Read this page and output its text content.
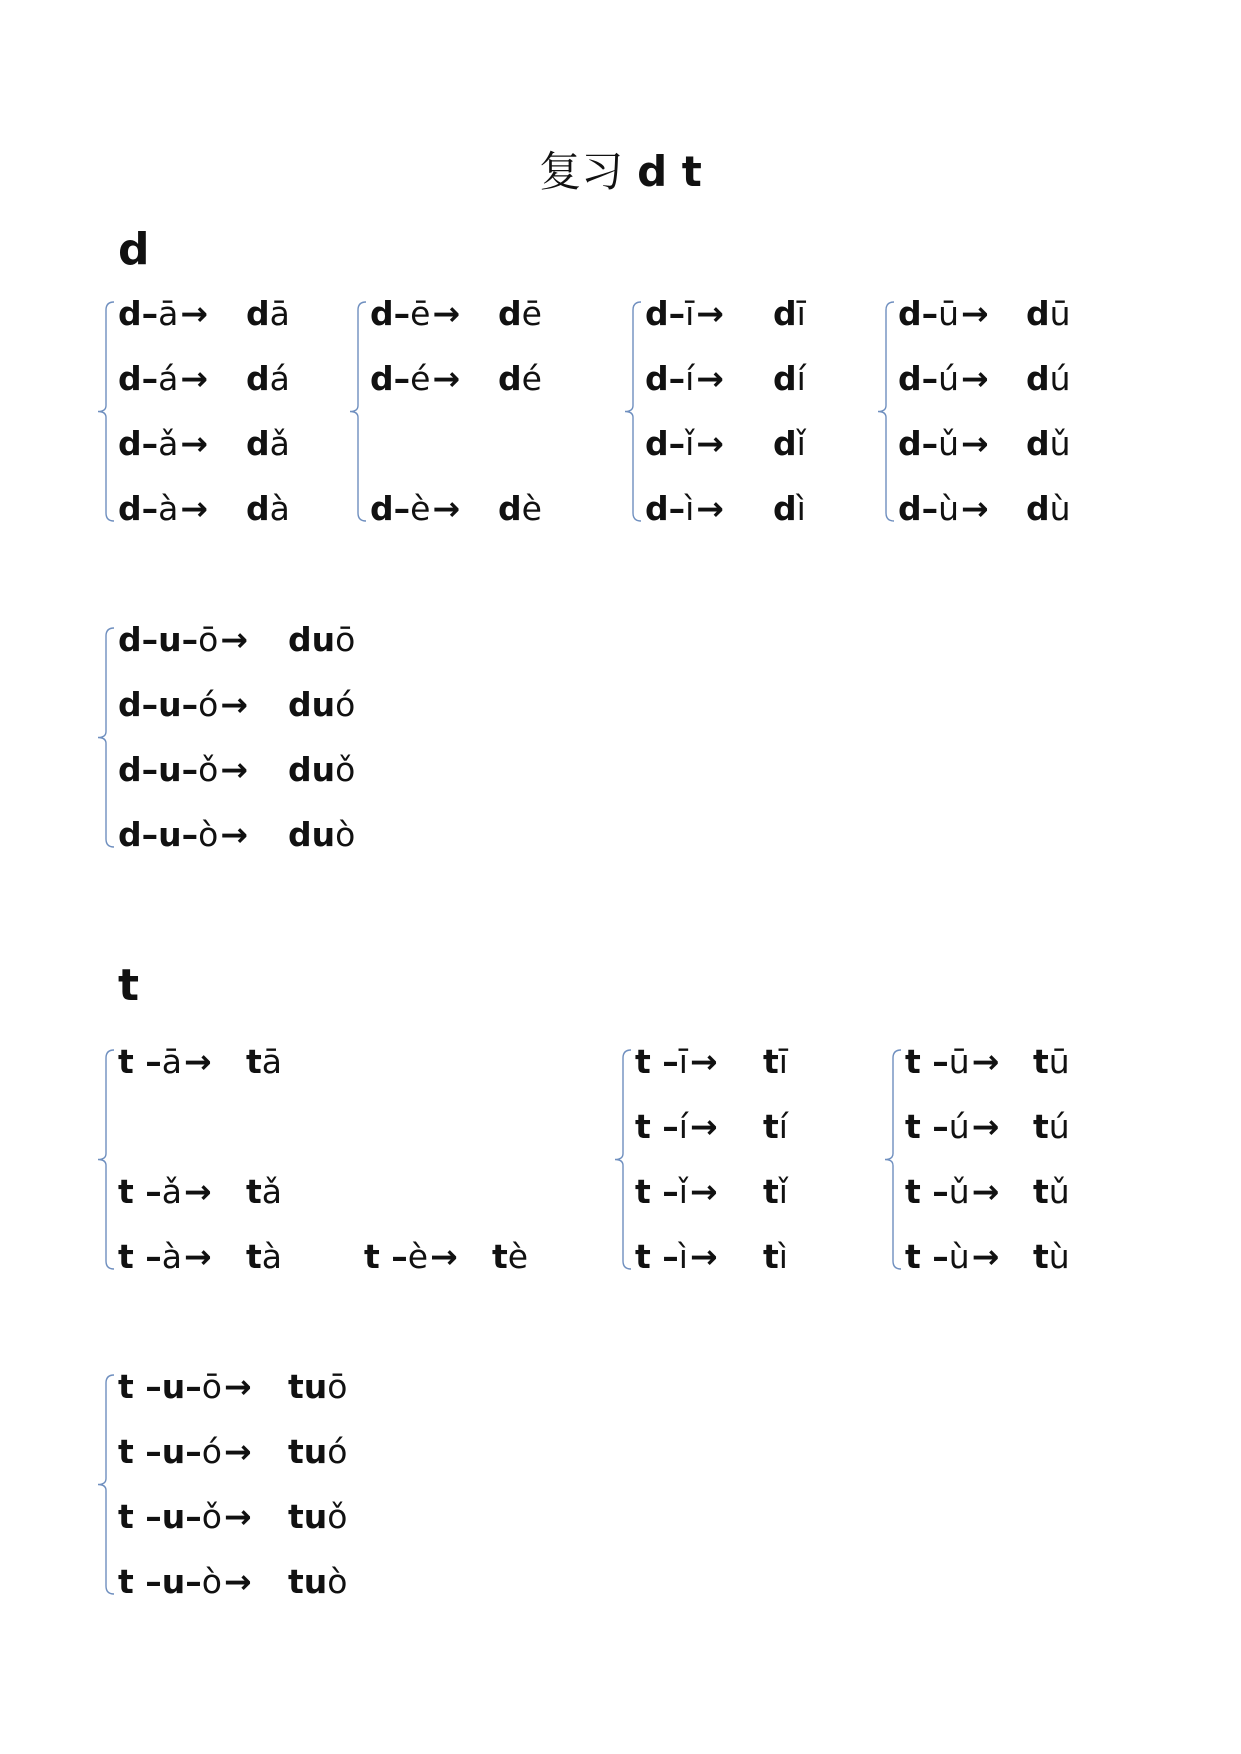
复习 d t
d
t
d–ā→ dā
d–á→ dá
d–ǎ→ dǎ
d–à→ dà
d–ē→ dē
d–é→ dé
d–è→ dè
d–ī→ dī
d–í→ dí
d–ǐ→ dǐ
d–ì→ dì
d–ū→ dū
d–ú→ dú
d–ǔ→ dǔ
d–ù→ dù
d–u–ō→ duō
d–u–ó→ duó
d–u–ǒ→ duǒ
d–u–ò→ duò
t –ā→ tā
t –ǎ→ tǎ
t –à→ tà t –è→ tè
t –ī→ tī
t –í→ tí
t –ǐ→ tǐ
t –ì→ tì
t –ū→ tū
t –ú→ tú
t –ǔ→ tǔ
t –ù→ tù
t –u–ō→ tuō
t –u–ó→ tuó
t –u–ǒ→ tuǒ
t –u–ò→ tuò
